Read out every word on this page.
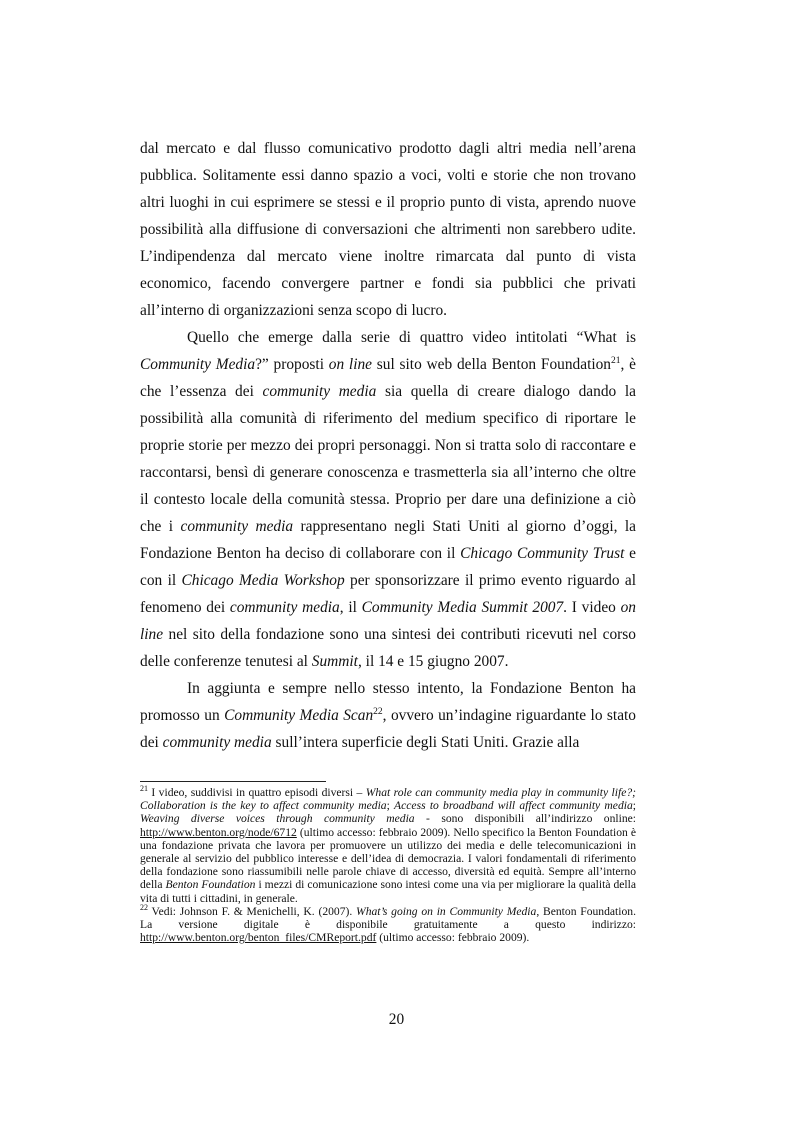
dal mercato e dal flusso comunicativo prodotto dagli altri media nell’arena pubblica. Solitamente essi danno spazio a voci, volti e storie che non trovano altri luoghi in cui esprimere se stessi e il proprio punto di vista, aprendo nuove possibilità alla diffusione di conversazioni che altrimenti non sarebbero udite. L’indipendenza dal mercato viene inoltre rimarcata dal punto di vista economico, facendo convergere partner e fondi sia pubblici che privati all’interno di organizzazioni senza scopo di lucro.

Quello che emerge dalla serie di quattro video intitolati “What is Community Media?” proposti on line sul sito web della Benton Foundation$^{21}$, è che l’essenza dei community media sia quella di creare dialogo dando la possibilità alla comunità di riferimento del medium specifico di riportare le proprie storie per mezzo dei propri personaggi. Non si tratta solo di raccontare e raccontarsi, bensì di generare conoscenza e trasmetterla sia all’interno che oltre il contesto locale della comunità stessa. Proprio per dare una definizione a ciò che i community media rappresentano negli Stati Uniti al giorno d’oggi, la Fondazione Benton ha deciso di collaborare con il Chicago Community Trust e con il Chicago Media Workshop per sponsorizzare il primo evento riguardo al fenomeno dei community media, il Community Media Summit 2007. I video on line nel sito della fondazione sono una sintesi dei contributi ricevuti nel corso delle conferenze tenutesi al Summit, il 14 e 15 giugno 2007.

In aggiunta e sempre nello stesso intento, la Fondazione Benton ha promosso un Community Media Scan$^{22}$, ovvero un’indagine riguardante lo stato dei community media sull’intera superficie degli Stati Uniti. Grazie alla

$^{21}$ I video, suddivisi in quattro episodi diversi – What role can community media play in community life?; Collaboration is the key to affect community media; Access to broadband will affect community media; Weaving diverse voices through community media - sono disponibili all’indirizzo online: http://www.benton.org/node/6712 (ultimo accesso: febbraio 2009). Nello specifico la Benton Foundation è una fondazione privata che lavora per promuovere un utilizzo dei media e delle telecomunicazioni in generale al servizio del pubblico interesse e dell’idea di democrazia. I valori fondamentali di riferimento della fondazione sono riassumibili nelle parole chiave di accesso, diversità ed equità. Sempre all’interno della Benton Foundation i mezzi di comunicazione sono intesi come una via per migliorare la qualità della vita di tutti i cittadini, in generale.

$^{22}$ Vedi: Johnson F. & Menichelli, K. (2007). What’s going on in Community Media, Benton Foundation. La versione digitale è disponibile gratuitamente a questo indirizzo: http://www.benton.org/benton_files/CMReport.pdf (ultimo accesso: febbraio 2009).

20
